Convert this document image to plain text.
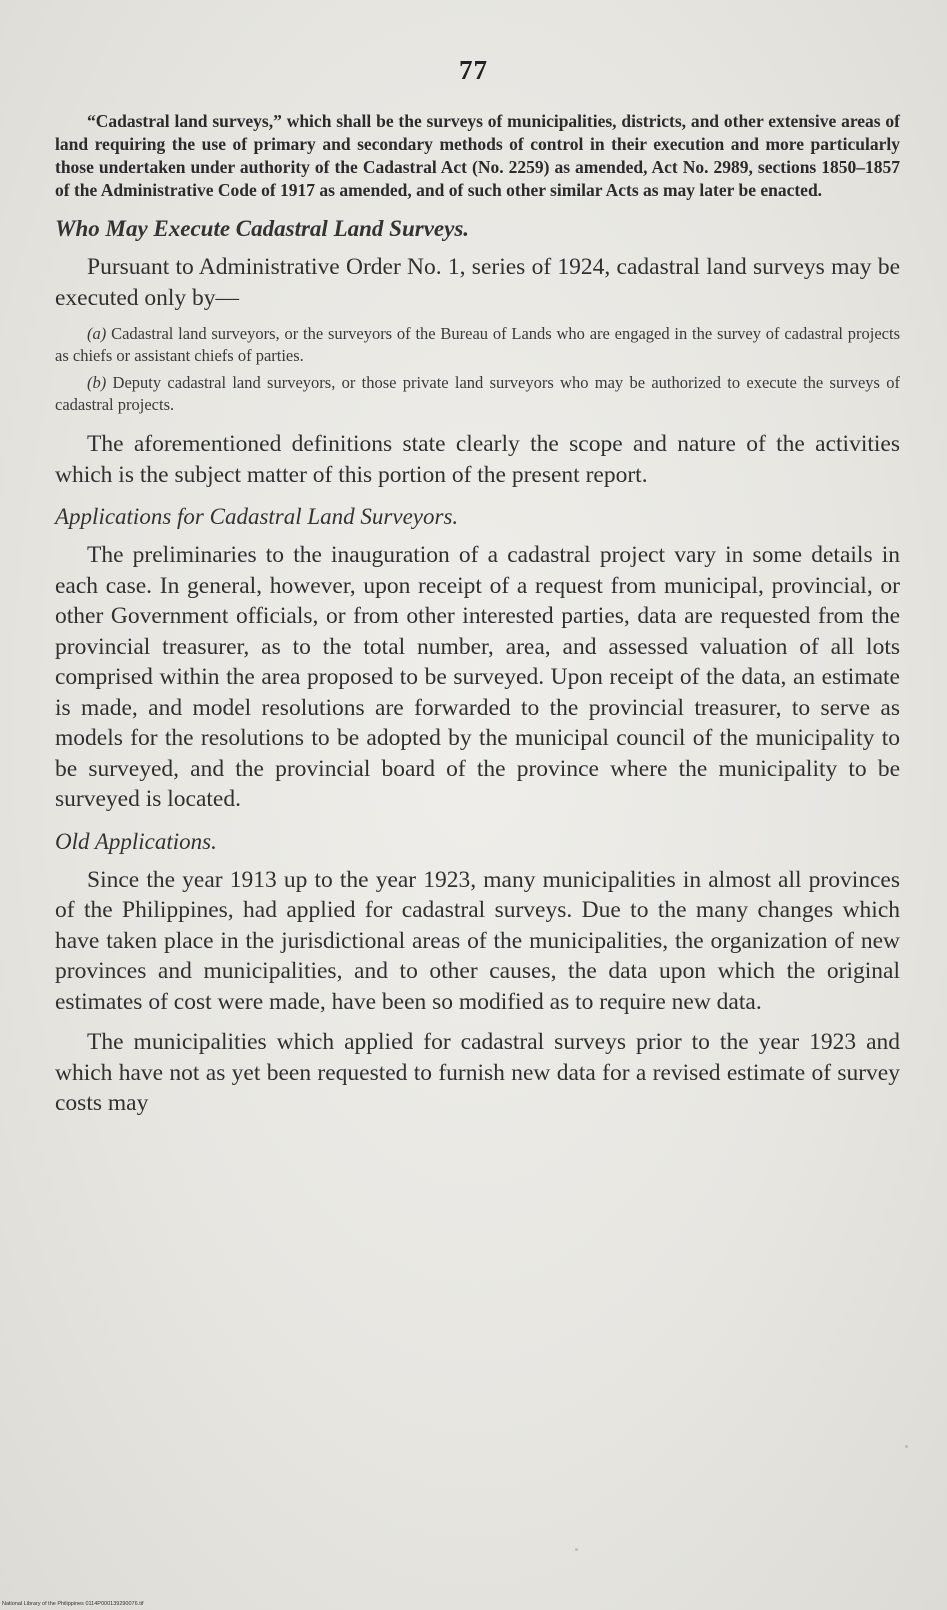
77

“Cadastral land surveys,” which shall be the surveys of municipalities, districts, and other extensive areas of land requiring the use of primary and secondary methods of control in their execution and more particularly those undertaken under authority of the Cadastral Act (No. 2259) as amended, Act No. 2989, sections 1850–1857 of the Administrative Code of 1917 as amended, and of such other similar Acts as may later be enacted.

Who May Execute Cadastral Land Surveys.

Pursuant to Administrative Order No. 1, series of 1924, cadastral land surveys may be executed only by—

(a) Cadastral land surveyors, or the surveyors of the Bureau of Lands who are engaged in the survey of cadastral projects as chiefs or assistant chiefs of parties.

(b) Deputy cadastral land surveyors, or those private land surveyors who may be authorized to execute the surveys of cadastral projects.

The aforementioned definitions state clearly the scope and nature of the activities which is the subject matter of this portion of the present report.

Applications for Cadastral Land Surveyors.

The preliminaries to the inauguration of a cadastral project vary in some details in each case. In general, however, upon receipt of a request from municipal, provincial, or other Government officials, or from other interested parties, data are requested from the provincial treasurer, as to the total number, area, and assessed valuation of all lots comprised within the area proposed to be surveyed. Upon receipt of the data, an estimate is made, and model resolutions are forwarded to the provincial treasurer, to serve as models for the resolutions to be adopted by the municipal council of the municipality to be surveyed, and the provincial board of the province where the municipality to be surveyed is located.

Old Applications.

Since the year 1913 up to the year 1923, many municipalities in almost all provinces of the Philippines, had applied for cadastral surveys. Due to the many changes which have taken place in the jurisdictional areas of the municipalities, the organization of new provinces and municipalities, and to other causes, the data upon which the original estimates of cost were made, have been so modified as to require new data.

The municipalities which applied for cadastral surveys prior to the year 1923 and which have not as yet been requested to furnish new data for a revised estimate of survey costs may

National Library of the Philippines 0114P000139290076.tif
